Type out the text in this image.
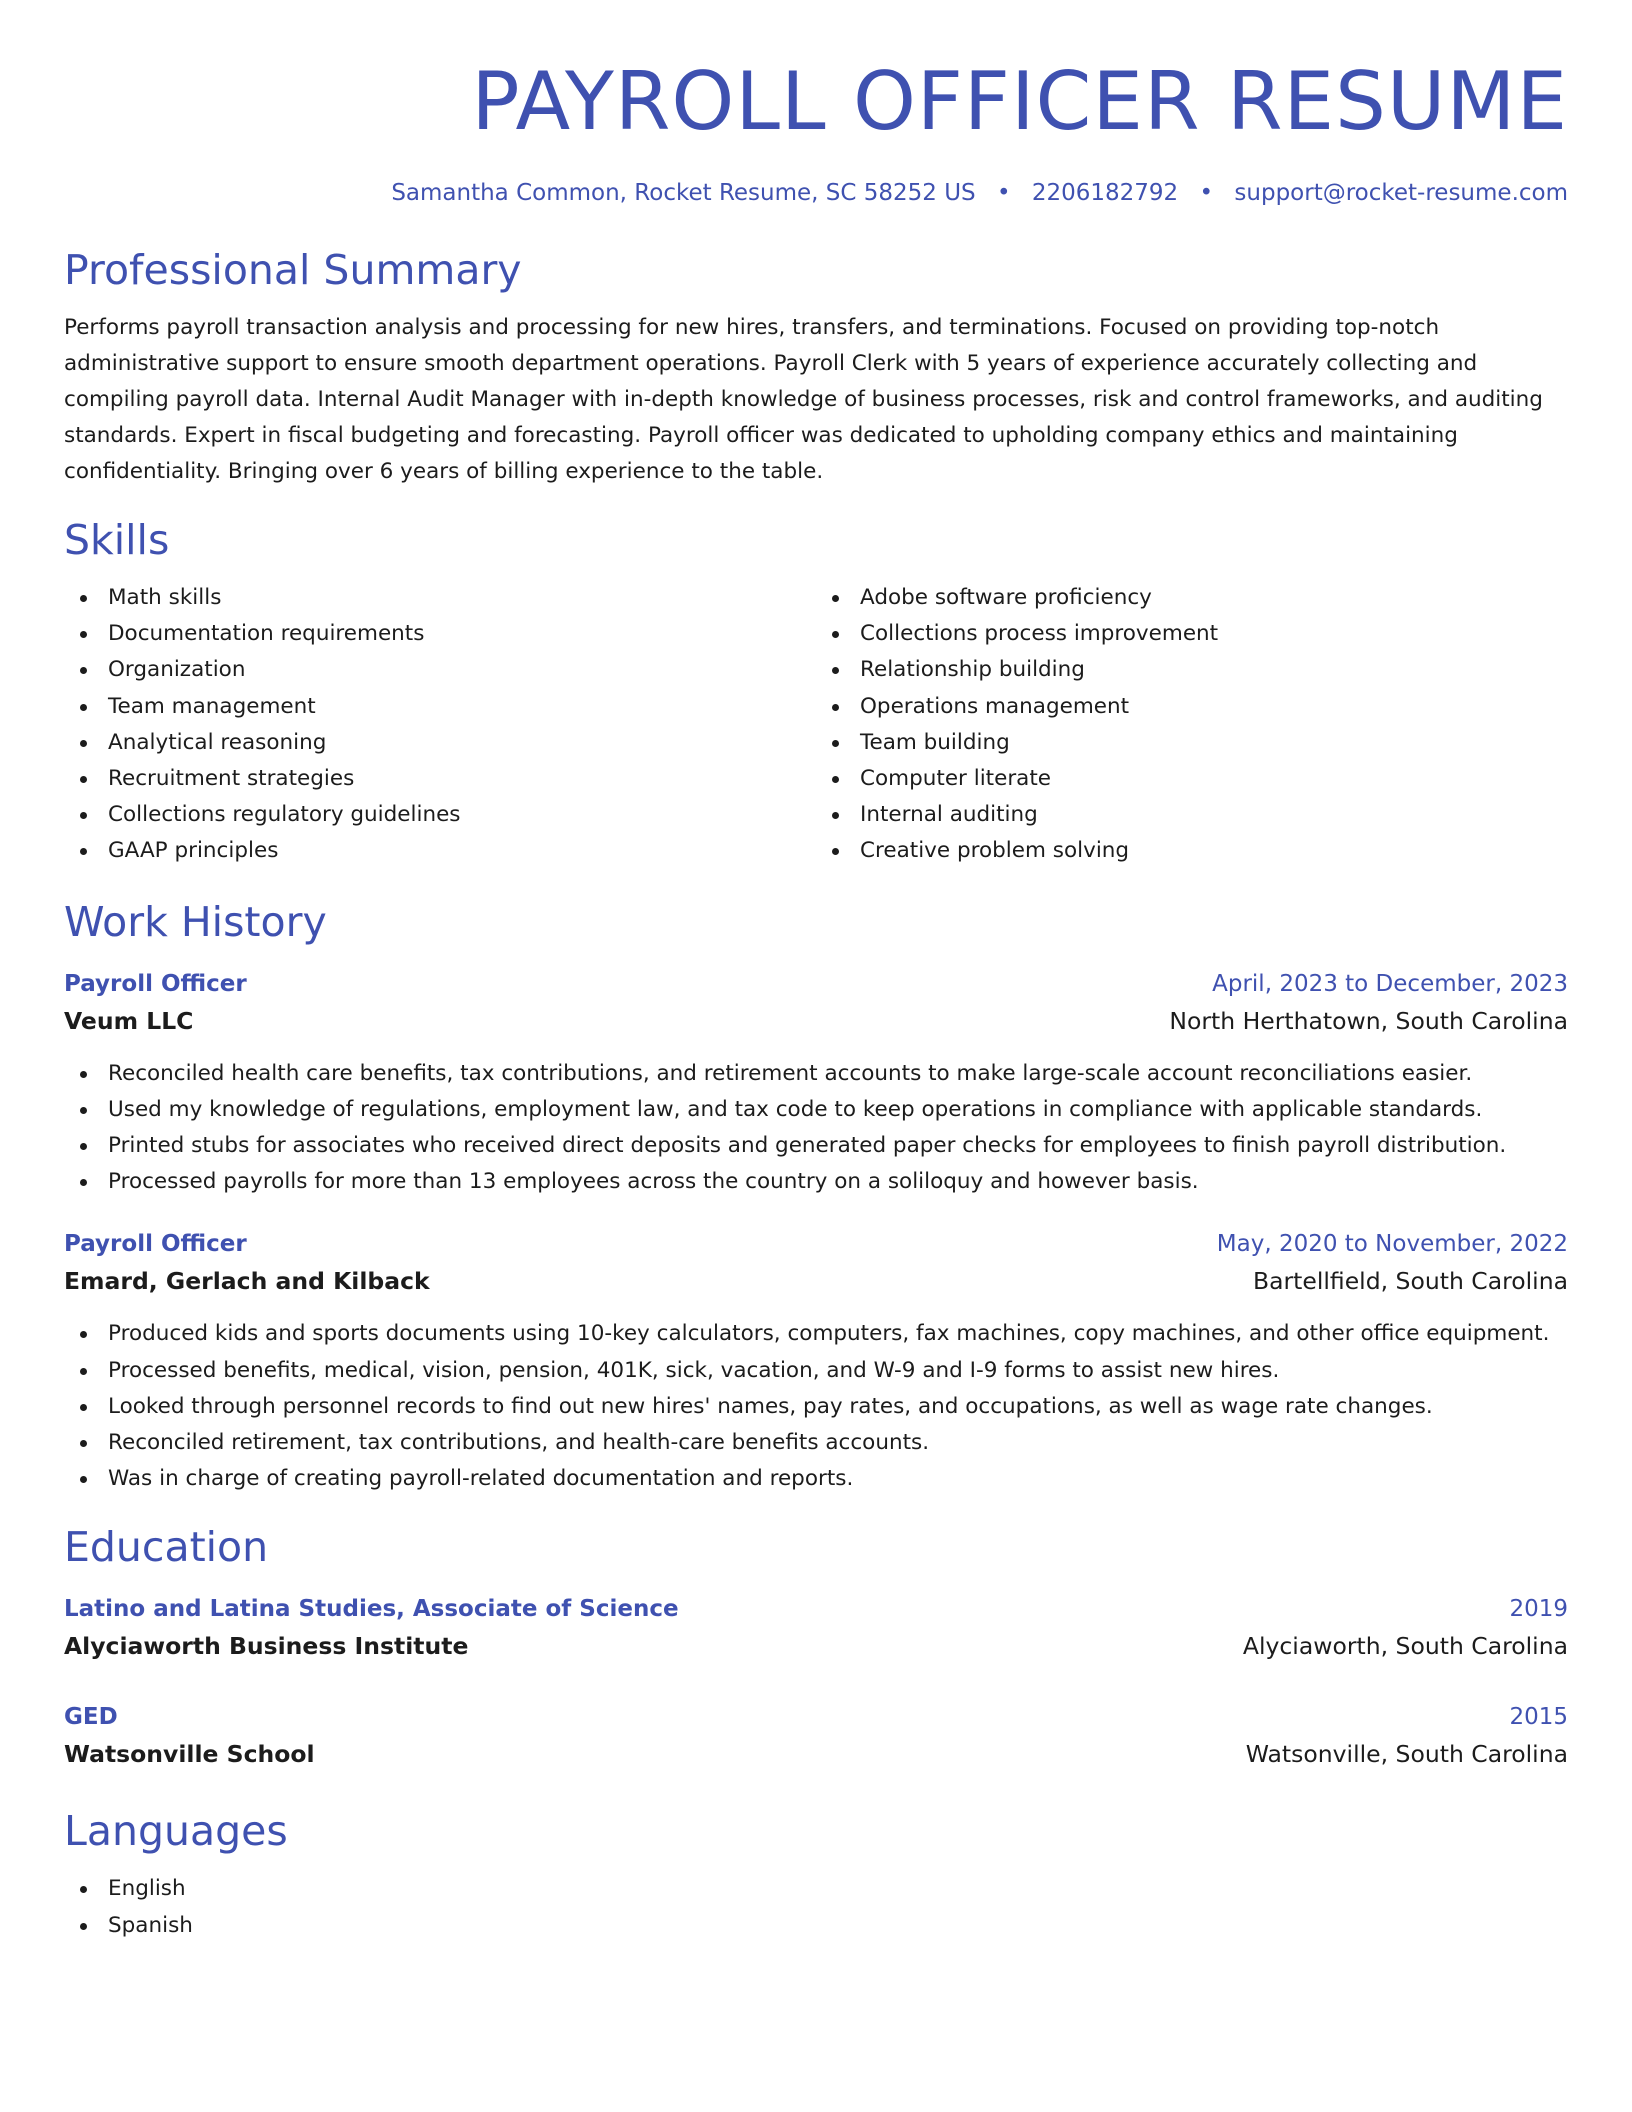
PAYROLL OFFICER RESUME
Samantha Common, Rocket Resume, SC 58252 US • 2206182792 • support@rocket-resume.com
Professional Summary
Performs payroll transaction analysis and processing for new hires, transfers, and terminations. Focused on providing top-notch administrative support to ensure smooth department operations. Payroll Clerk with 5 years of experience accurately collecting and compiling payroll data. Internal Audit Manager with in-depth knowledge of business processes, risk and control frameworks, and auditing standards. Expert in fiscal budgeting and forecasting. Payroll officer was dedicated to upholding company ethics and maintaining confidentiality. Bringing over 6 years of billing experience to the table.
Skills
Math skills
Documentation requirements
Organization
Team management
Analytical reasoning
Recruitment strategies
Collections regulatory guidelines
GAAP principles
Adobe software proficiency
Collections process improvement
Relationship building
Operations management
Team building
Computer literate
Internal auditing
Creative problem solving
Work History
Payroll Officer	April, 2023 to December, 2023
Veum LLC	North Herthatown, South Carolina
Reconciled health care benefits, tax contributions, and retirement accounts to make large-scale account reconciliations easier.
Used my knowledge of regulations, employment law, and tax code to keep operations in compliance with applicable standards.
Printed stubs for associates who received direct deposits and generated paper checks for employees to finish payroll distribution.
Processed payrolls for more than 13 employees across the country on a soliloquy and however basis.
Payroll Officer	May, 2020 to November, 2022
Emard, Gerlach and Kilback	Bartellfield, South Carolina
Produced kids and sports documents using 10-key calculators, computers, fax machines, copy machines, and other office equipment.
Processed benefits, medical, vision, pension, 401K, sick, vacation, and W-9 and I-9 forms to assist new hires.
Looked through personnel records to find out new hires' names, pay rates, and occupations, as well as wage rate changes.
Reconciled retirement, tax contributions, and health-care benefits accounts.
Was in charge of creating payroll-related documentation and reports.
Education
Latino and Latina Studies, Associate of Science	2019
Alyciaworth Business Institute	Alyciaworth, South Carolina
GED	2015
Watsonville School	Watsonville, South Carolina
Languages
English
Spanish
